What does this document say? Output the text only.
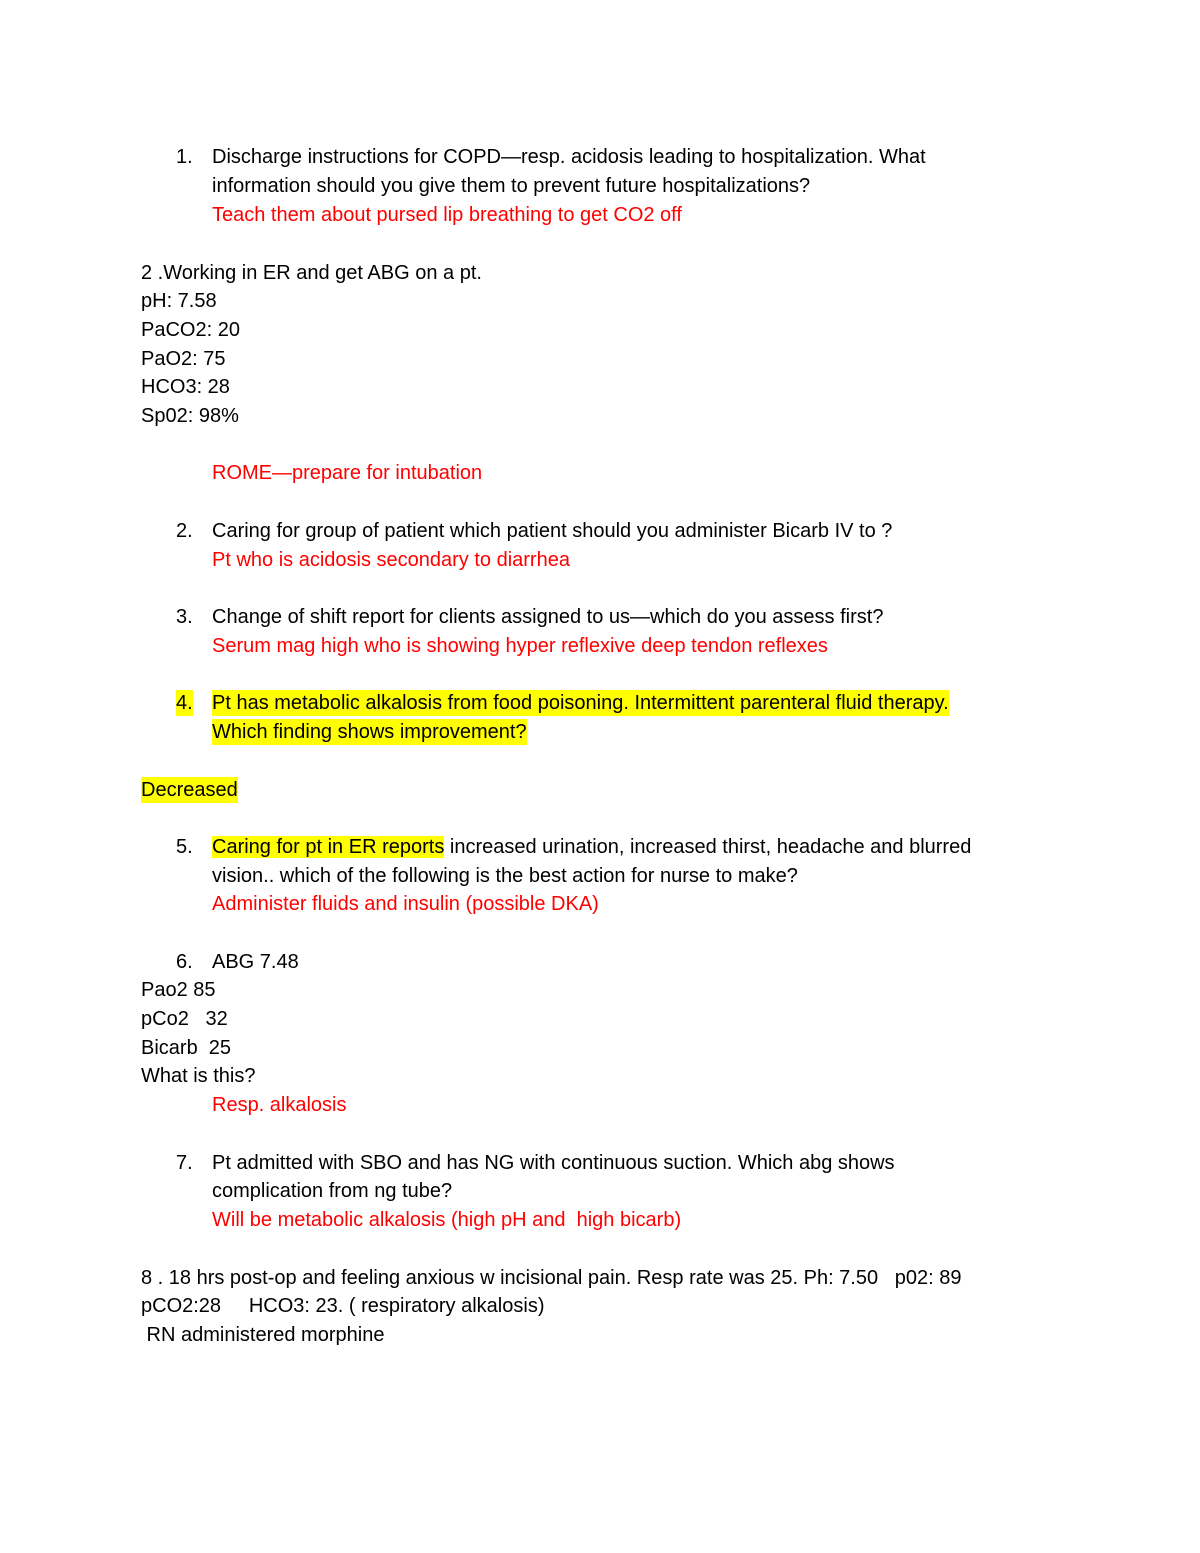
1. Discharge instructions for COPD—resp. acidosis leading to hospitalization. What
information should you give them to prevent future hospitalizations?
Teach them about pursed lip breathing to get CO2 off
2 .Working in ER and get ABG on a pt.
pH: 7.58
PaCO2: 20
PaO2: 75
HCO3: 28
Sp02: 98%
ROME—prepare for intubation
2. Caring for group of patient which patient should you administer Bicarb IV to ?
Pt who is acidosis secondary to diarrhea
3. Change of shift report for clients assigned to us—which do you assess first?
Serum mag high who is showing hyper reflexive deep tendon reflexes
4. Pt has metabolic alkalosis from food poisoning. Intermittent parenteral fluid therapy.
Which finding shows improvement?
Decreased
5. Caring for pt in ER reports increased urination, increased thirst, headache and blurred
vision.. which of the following is the best action for nurse to make?
Administer fluids and insulin (possible DKA)
6. ABG 7.48
Pao2 85
pCo2   32
Bicarb  25
What is this?
Resp. alkalosis
7. Pt admitted with SBO and has NG with continuous suction. Which abg shows
complication from ng tube?
Will be metabolic alkalosis (high pH and  high bicarb)
8 . 18 hrs post-op and feeling anxious w incisional pain. Resp rate was 25. Ph: 7.50   p02: 89
pCO2:28     HCO3: 23. ( respiratory alkalosis)
RN administered morphine
